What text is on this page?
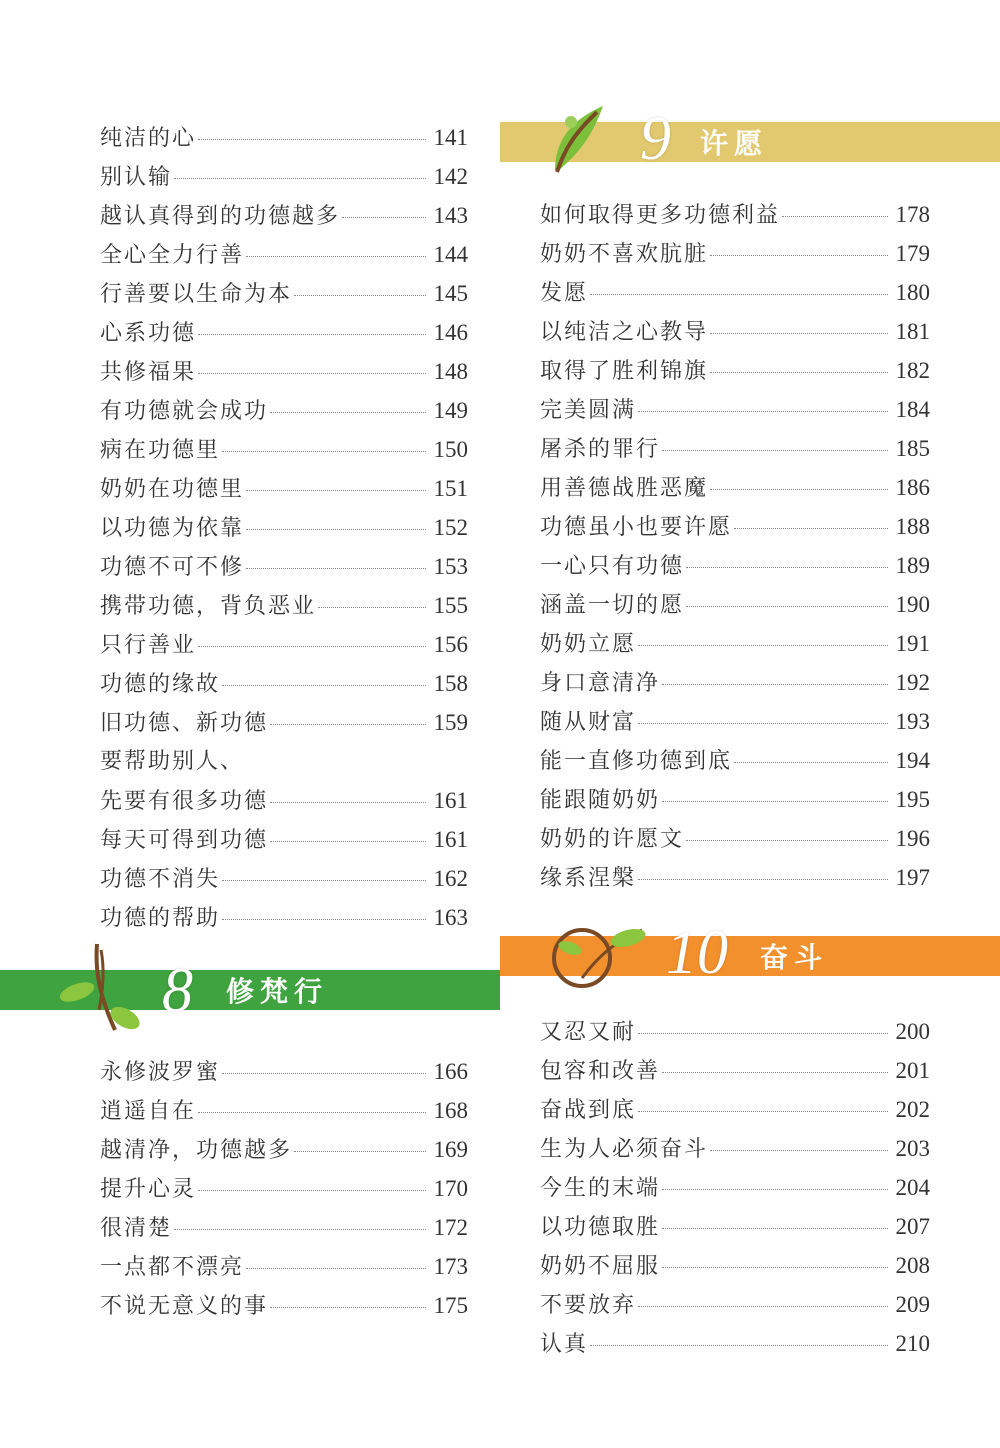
9 许愿
8 修梵行
10 奋斗
纯洁的心	141
别认输	142
越认真得到的功德越多	143
全心全力行善	144
行善要以生命为本	145
心系功德	146
共修福果	148
有功德就会成功	149
病在功德里	150
奶奶在功德里	151
以功德为依靠	152
功德不可不修	153
携带功德，背负恶业	155
只行善业	156
功德的缘故	158
旧功德、新功德	159
要帮助别人、
先要有很多功德	161
每天可得到功德	161
功德不消失	162
功德的帮助	163
永修波罗蜜	166
逍遥自在	168
越清净，功德越多	169
提升心灵	170
很清楚	172
一点都不漂亮	173
不说无意义的事	175
如何取得更多功德利益	178
奶奶不喜欢肮脏	179
发愿	180
以纯洁之心教导	181
取得了胜利锦旗	182
完美圆满	184
屠杀的罪行	185
用善德战胜恶魔	186
功德虽小也要许愿	188
一心只有功德	189
涵盖一切的愿	190
奶奶立愿	191
身口意清净	192
随从财富	193
能一直修功德到底	194
能跟随奶奶	195
奶奶的许愿文	196
缘系涅槃	197
又忍又耐	200
包容和改善	201
奋战到底	202
生为人必须奋斗	203
今生的末端	204
以功德取胜	207
奶奶不屈服	208
不要放弃	209
认真	210
